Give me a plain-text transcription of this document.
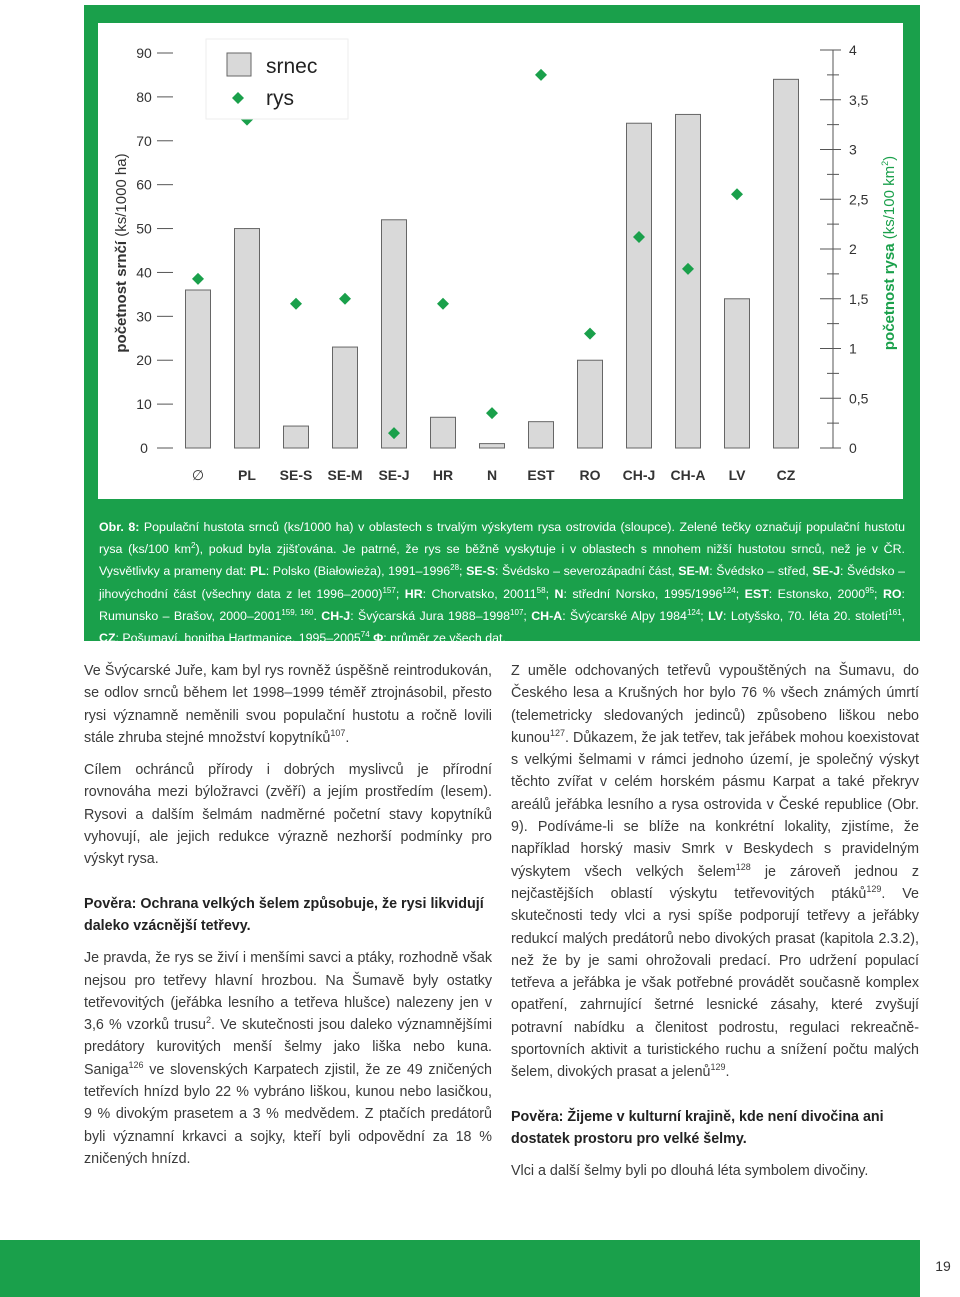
0
10
20
30
40
50
60
70
80
90
početnost srnčí (ks/1000 ha)
0
0,5
1
1,5
2
2,5
3
3,5
4
početnost rysa (ks/100 $km^2$)
∅ PL SE-S SE-M SE-J HR N EST RO CH-J CH-A LV CZ
srnec
rys
Obr. 8: Populační hustota srnců (ks/1000 ha) v oblastech s trvalým výskytem rysa ostrovida (sloupce). Zelené tečky označují populační hustotu rysa (ks/100 $km^2$), pokud byla zjišťována. Je patrné, že rys se běžně vyskytuje i v oblastech s mnohem nižší hustotou srnců, než je v ČR. Vysvětlivky a prameny dat: PL: Polsko (Białowieża), 1991–1996$^{28}$; SE-S: Švédsko – severozápadní část, SE-M: Švédsko – střed, SE-J: Švédsko – jihovýchodní část (všechny data z let 1996–2000)$^{157}$; HR: Chorvatsko, 20011$^{58}$; N: střední Norsko, 1995/1996$^{124}$; EST: Estonsko, 2000$^{95}$; RO: Rumunsko – Brašov, 2000–2001$^{159, 160}$. CH-J: Švýcarská Jura 1988–1998$^{107}$; CH-A: Švýcarské Alpy 1984$^{124}$; LV: Lotyšsko, 70. léta 20. století$^{161}$, CZ: Pošumaví, honitba Hartmanice, 1995–2005$^{74}$ Φ: průměr ze všech dat.

Ve Švýcarské Juře, kam byl rys rovněž úspěšně reintrodukován, se odlov srnců během let 1998–1999 téměř ztrojnásobil, přesto rysi významně neměnili svou populační hustotu a ročně lovili stále zhruba stejné množství kopytníků$^{107}$.

Cílem ochránců přírody i dobrých myslivců je přírodní rovnováha mezi býložravci (zvěří) a jejím prostředím (lesem). Rysovi a dalším šelmám nadměrné početní stavy kopytníků vyhovují, ale jejich redukce výrazně nezhorší podmínky pro výskyt rysa.

Pověra: Ochrana velkých šelem způsobuje, že rysi likvidují daleko vzácnější tetřevy.

Je pravda, že rys se živí i menšími savci a ptáky, rozhodně však nejsou pro tetřevy hlavní hrozbou. Na Šumavě byly ostatky tetřevovitých (jeřábka lesního a tetřeva hlušce) nalezeny jen v 3,6 % vzorků trusu$^2$. Ve skutečnosti jsou daleko významnějšími predátory kurovitých menší šelmy jako liška nebo kuna. Saniga$^{126}$ ve slovenských Karpatech zjistil, že ze 49 zničených tetřevích hnízd bylo 22 % vybráno liškou, kunou nebo lasičkou, 9 % divokým prasetem a 3 % medvědem. Z ptačích predátorů byli významní krkavci a sojky, kteří byli odpovědní za 18 % zničených hnízd.

Z uměle odchovaných tetřevů vypouštěných na Šumavu, do Českého lesa a Krušných hor bylo 76 % všech známých úmrtí (telemetricky sledovaných jedinců) způsobeno liškou nebo kunou$^{127}$. Důkazem, že jak tetřev, tak jeřábek mohou koexistovat s velkými šelmami v rámci jednoho území, je společný výskyt těchto zvířat v celém horském pásmu Karpat a také překryv areálů jeřábka lesního a rysa ostrovida v České republice (Obr. 9). Podíváme-li se blíže na konkrétní lokality, zjistíme, že například horský masiv Smrk v Beskydech s pravidelným výskytem všech velkých šelem$^{128}$ je zároveň jednou z nejčastějších oblastí výskytu tetřevovitých ptáků$^{129}$. Ve skutečnosti tedy vlci a rysi spíše podporují tetřevy a jeřábky redukcí malých predátorů nebo divokých prasat (kapitola 2.3.2), než že by je sami ohrožovali predací. Pro udržení populací tetřeva a jeřábka je však potřebné provádět současně komplex opatření, zahrnující šetrné lesnické zásahy, které zvyšují potravní nabídku a členitost podrostu, regulaci rekreačně-sportovních aktivit a turistického ruchu a snížení počtu malých šelem, divokých prasat a jelenů$^{129}$.

Pověra: Žijeme v kulturní krajině, kde není divočina ani dostatek prostoru pro velké šelmy.

Vlci a další šelmy byli po dlouhá léta symbolem divočiny.

19
